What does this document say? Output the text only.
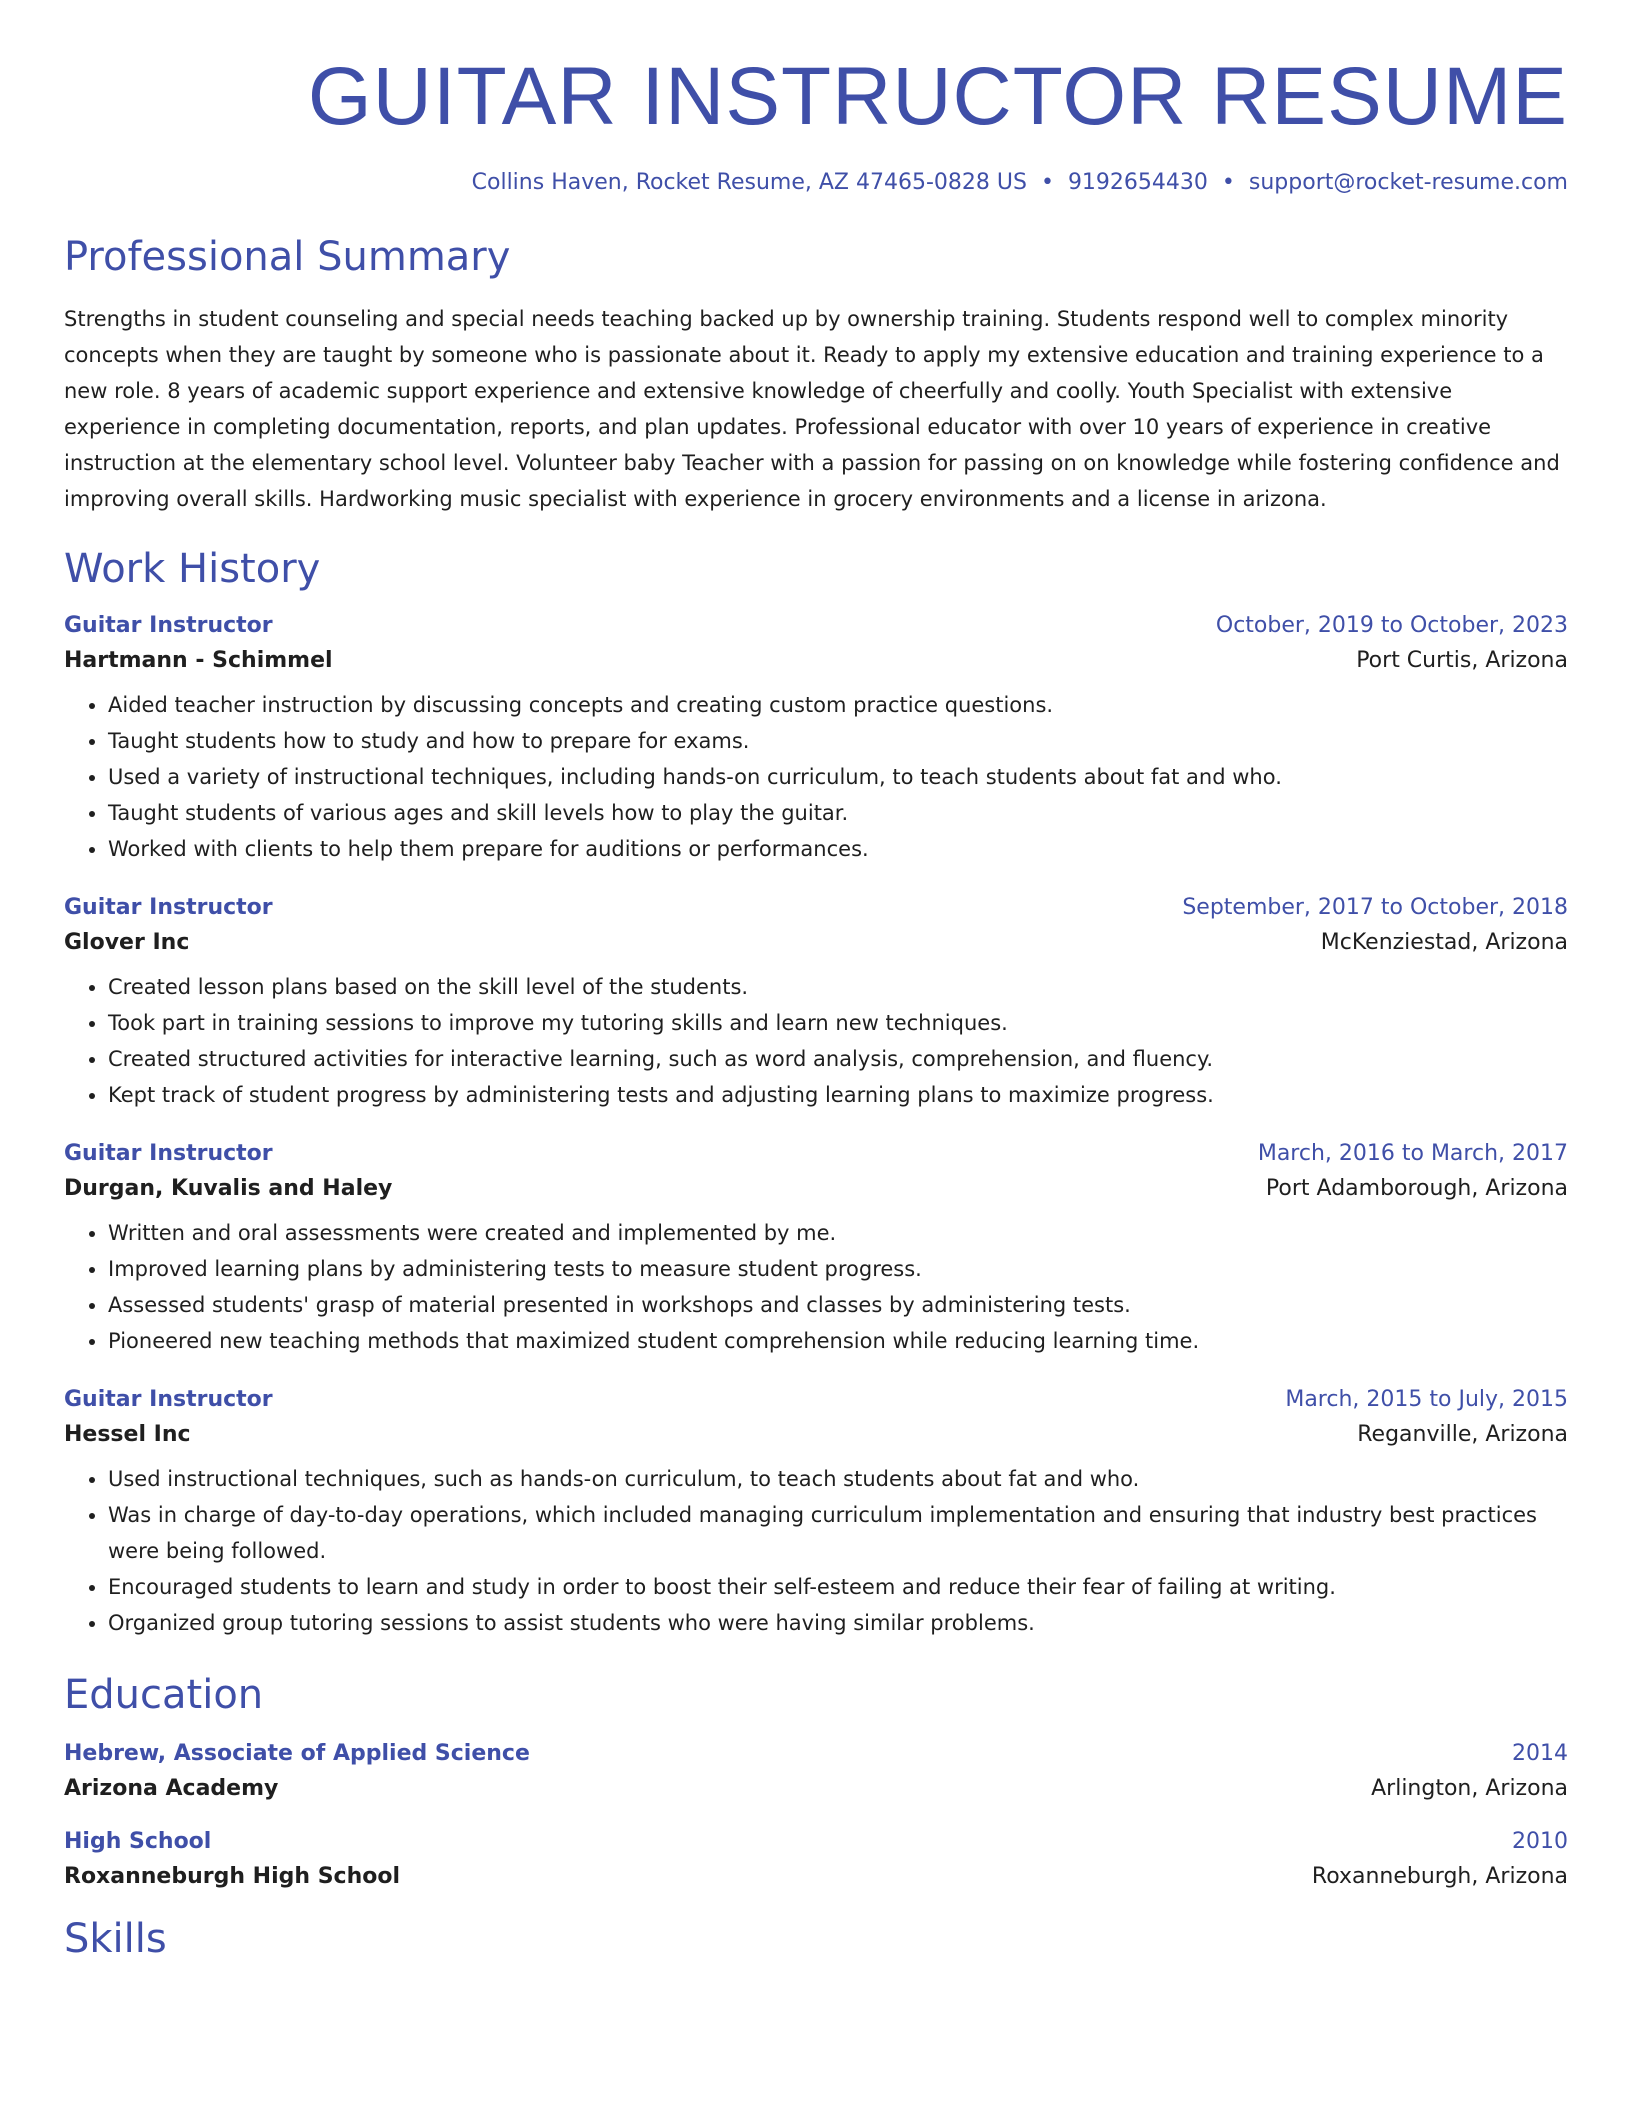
GUITAR INSTRUCTOR RESUME
Collins Haven, Rocket Resume, AZ 47465-0828 US • 9192654430 • support@rocket-resume.com
Professional Summary

Strengths in student counseling and special needs teaching backed up by ownership training. Students respond well to complex minority concepts when they are taught by someone who is passionate about it. Ready to apply my extensive education and training experience to a new role. 8 years of academic support experience and extensive knowledge of cheerfully and coolly. Youth Specialist with extensive experience in completing documentation, reports, and plan updates. Professional educator with over 10 years of experience in creative instruction at the elementary school level. Volunteer baby Teacher with a passion for passing on on knowledge while fostering confidence and improving overall skills. Hardworking music specialist with experience in grocery environments and a license in arizona.

Work History
Guitar Instructor	October, 2019 to October, 2023
Hartmann - Schimmel	Port Curtis, Arizona
• Aided teacher instruction by discussing concepts and creating custom practice questions.
• Taught students how to study and how to prepare for exams.
• Used a variety of instructional techniques, including hands-on curriculum, to teach students about fat and who.
• Taught students of various ages and skill levels how to play the guitar.
• Worked with clients to help them prepare for auditions or performances.
Guitar Instructor	September, 2017 to October, 2018
Glover Inc	McKenziestad, Arizona
• Created lesson plans based on the skill level of the students.
• Took part in training sessions to improve my tutoring skills and learn new techniques.
• Created structured activities for interactive learning, such as word analysis, comprehension, and fluency.
• Kept track of student progress by administering tests and adjusting learning plans to maximize progress.
Guitar Instructor	March, 2016 to March, 2017
Durgan, Kuvalis and Haley	Port Adamborough, Arizona
• Written and oral assessments were created and implemented by me.
• Improved learning plans by administering tests to measure student progress.
• Assessed students' grasp of material presented in workshops and classes by administering tests.
• Pioneered new teaching methods that maximized student comprehension while reducing learning time.
Guitar Instructor	March, 2015 to July, 2015
Hessel Inc	Reganville, Arizona
• Used instructional techniques, such as hands-on curriculum, to teach students about fat and who.
• Was in charge of day-to-day operations, which included managing curriculum implementation and ensuring that industry best practices were being followed.
• Encouraged students to learn and study in order to boost their self-esteem and reduce their fear of failing at writing.
• Organized group tutoring sessions to assist students who were having similar problems.
Education
Hebrew, Associate of Applied Science	2014
Arizona Academy	Arlington, Arizona
High School	2010
Roxanneburgh High School	Roxanneburgh, Arizona
Skills
